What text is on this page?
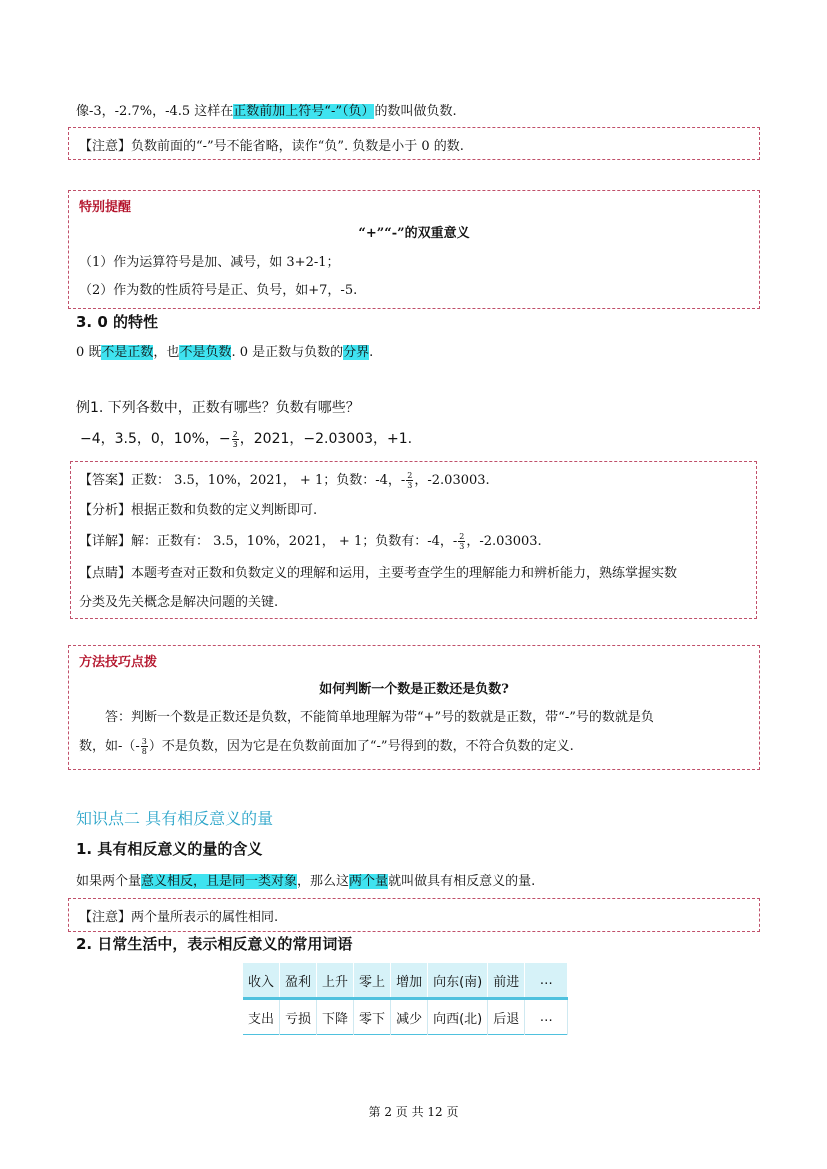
像-3，-2.7%，-4.5 这样在正数前加上符号“-”（负）的数叫做负数.
【注意】负数前面的“-”号不能省略，读作“负”. 负数是小于 0 的数.
特别提醒
“+”“-”的双重意义
（1）作为运算符号是加、减号，如 3+2-1；
（2）作为数的性质符号是正、负号，如+7，-5.
3. 0 的特性
0 既不是正数，也不是负数. 0 是正数与负数的分界.
例1. 下列各数中，正数有哪些？负数有哪些？
−4，3.5，0，10%，− $\frac{2}{3}$ ，2021，−2.03003，+1.
【答案】正数： 3.5，10%，2021， + 1；负数：-4，- $\frac{2}{3}$ ，-2.03003.
【分析】根据正数和负数的定义判断即可.
【详解】解：正数有： 3.5，10%，2021， + 1；负数有：-4，- $\frac{2}{3}$ ，-2.03003.
【点睛】本题考查对正数和负数定义的理解和运用，主要考查学生的理解能力和辨析能力，熟练掌握实数
分类及先关概念是解决问题的关键.
方法技巧点拨
如何判断一个数是正数还是负数?
答：判断一个数是正数还是负数，不能简单地理解为带“+”号的数就是正数，带“-”号的数就是负
数，如-（- $\frac{3}{8}$ ）不是负数，因为它是在负数前面加了“-”号得到的数，不符合负数的定义.
知识点二 具有相反意义的量
1. 具有相反意义的量的含义
如果两个量意义相反，且是同一类对象，那么这两个量就叫做具有相反意义的量.
【注意】两个量所表示的属性相同.
2. 日常生活中，表示相反意义的常用词语
收入	盈利	上升	零上	增加	向东(南)	前进	…
支出	亏损	下降	零下	减少	向西(北)	后退	…
第 2 页 共 12 页
